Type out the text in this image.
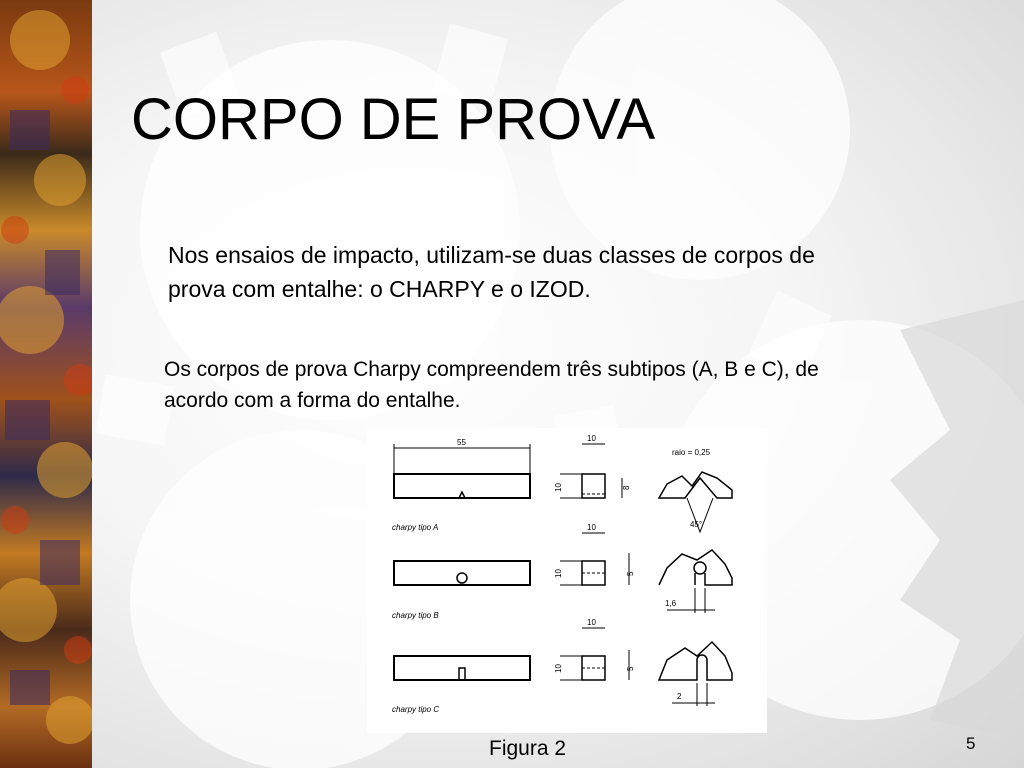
CORPO DE PROVA
Nos ensaios de impacto, utilizam-se duas classes de corpos de prova com entalhe: o CHARPY e o IZOD.
Os corpos de prova Charpy compreendem três subtipos (A, B e C), de acordo com a forma do entalhe.
55
charpy tipo A
10
10	8
raio = 0,25
45°
charpy tipo B
10
10	5
1,6
charpy tipo C
10
10	5
2
Figura 2	5
